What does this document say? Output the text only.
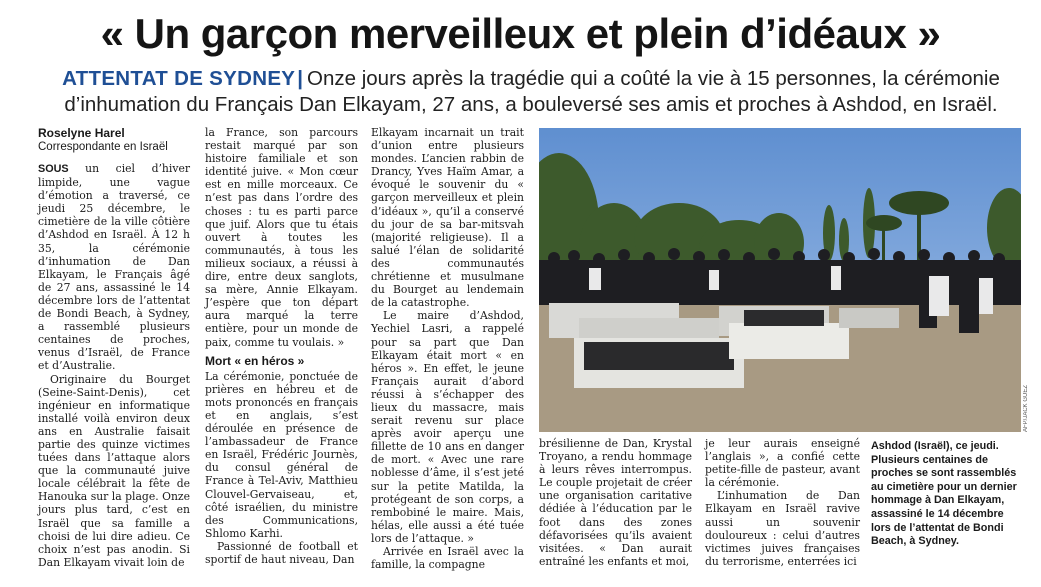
« Un garçon merveilleux et plein d’idéaux »

ATTENTAT DE SYDNEY| Onze jours après la tragédie qui a coûté la vie à 15 personnes, la cérémonie d’inhumation du Français Dan Elkayam, 27 ans, a bouleversé ses amis et proches à Ashdod, en Israël.

Roselyne Harel
Correspondante en Israël

SOUS un ciel d’hiver limpide, une vague d’émotion a traversé, ce jeudi 25 décembre, le cimetière de la ville côtière d’Ashdod en Israël. À 12 h 35, la cérémonie d’inhumation de Dan Elkayam, le Français âgé de 27 ans, assassiné le 14 décembre lors de l’attentat de Bondi Beach, à Sydney, a rassemblé plusieurs centaines de proches, venus d’Israël, de France et d’Australie.

Originaire du Bourget (Seine-Saint-Denis), cet ingénieur en informatique installé voilà environ deux ans en Australie faisait partie des quinze victimes tuées dans l’attaque alors que la communauté juive locale célébrait la fête de Hanouka sur la plage. Onze jours plus tard, c’est en Israël que sa famille a choisi de lui dire adieu. Ce choix n’est pas anodin. Si Dan Elkayam vivait loin de

la France, son parcours restait marqué par son histoire familiale et son identité juive. « Mon cœur est en mille morceaux. Ce n’est pas dans l’ordre des choses : tu es parti parce que juif. Alors que tu étais ouvert à toutes les communautés, à tous les milieux sociaux, a réussi à dire, entre deux sanglots, sa mère, Annie Elkayam. J’espère que ton départ aura marqué la terre entière, pour un monde de paix, comme tu voulais. »

Mort « en héros »

La cérémonie, ponctuée de prières en hébreu et de mots prononcés en français et en anglais, s’est déroulée en présence de l’ambassadeur de France en Israël, Frédéric Journès, du consul général de France à Tel-Aviv, Matthieu Clouvel-Gervaiseau, et, côté israélien, du ministre des Communications, Shlomo Karhi.

Passionné de football et sportif de haut niveau, Dan

Elkayam incarnait un trait d’union entre plusieurs mondes. L’ancien rabbin de Drancy, Yves Haïm Amar, a évoqué le souvenir du « garçon merveilleux et plein d’idéaux », qu’il a conservé du jour de sa bar-mitsvah (majorité religieuse). Il a salué l’élan de solidarité des	communautés chrétienne et musulmane du Bourget au lendemain de la catastrophe.

Le maire d’Ashdod, Yechiel Lasri, a rappelé pour sa part que Dan Elkayam était mort « en héros ». En effet, le jeune Français aurait d’abord réussi à s’échapper des lieux du massacre, mais serait revenu sur place après avoir aperçu une fillette de 10 ans en danger de mort. « Avec une rare noblesse d’âme, il s’est jeté sur la petite Matilda, la protégeant de son corps, a rembobiné le maire. Mais, hélas, elle aussi a été tuée lors de l’attaque. »

Arrivée en Israël avec la famille, la compagne

brésilienne de Dan, Krystal Troyano, a rendu hommage à leurs rêves interrompus. Le couple projetait de créer une organisation caritative dédiée à l’éducation par le foot dans des zones défavorisées qu’ils avaient visitées. « Dan aurait entraîné les enfants et moi,

je leur aurais enseigné l’anglais », a confié cette petite-fille de pasteur, avant la cérémonie.

L’inhumation de Dan Elkayam en Israël ravive aussi	un	souvenir douloureux : celui d’autres victimes juives françaises du terrorisme, enterrées ici

AFP/JACK GUEZ
Ashdod (Israël), ce jeudi. Plusieurs centaines de proches se sont rassemblés au cimetière pour un dernier hommage à Dan Elkayam, assassiné le 14 décembre lors de l’attentat de Bondi Beach, à Sydney.
